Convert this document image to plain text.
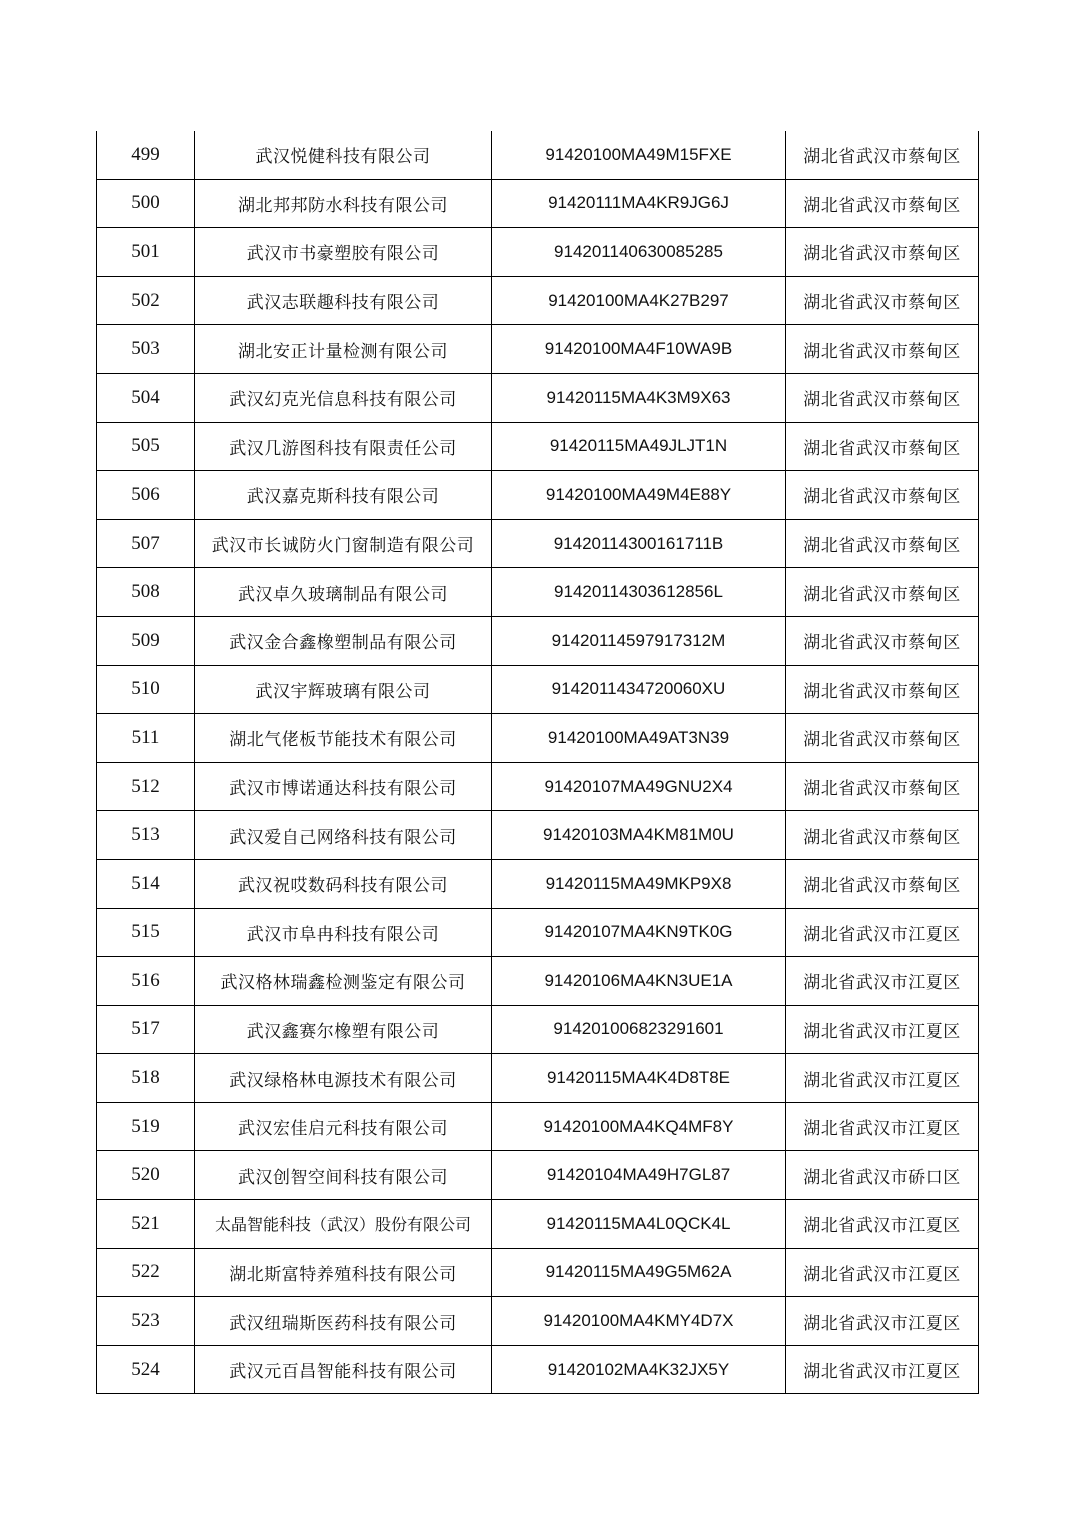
499	武汉悦健科技有限公司	91420100MA49M15FXE	湖北省武汉市蔡甸区
500	湖北邦邦防水科技有限公司	91420111MA4KR9JG6J	湖北省武汉市蔡甸区
501	武汉市书豪塑胶有限公司	914201140630085285	湖北省武汉市蔡甸区
502	武汉志联趣科技有限公司	91420100MA4K27B297	湖北省武汉市蔡甸区
503	湖北安正计量检测有限公司	91420100MA4F10WA9B	湖北省武汉市蔡甸区
504	武汉幻克光信息科技有限公司	91420115MA4K3M9X63	湖北省武汉市蔡甸区
505	武汉几游图科技有限责任公司	91420115MA49JLJT1N	湖北省武汉市蔡甸区
506	武汉嘉克斯科技有限公司	91420100MA49M4E88Y	湖北省武汉市蔡甸区
507	武汉市长诚防火门窗制造有限公司	91420114300161711B	湖北省武汉市蔡甸区
508	武汉卓久玻璃制品有限公司	91420114303612856L	湖北省武汉市蔡甸区
509	武汉金合鑫橡塑制品有限公司	91420114597917312M	湖北省武汉市蔡甸区
510	武汉宇辉玻璃有限公司	9142011434720060XU	湖北省武汉市蔡甸区
511	湖北气佬板节能技术有限公司	91420100MA49AT3N39	湖北省武汉市蔡甸区
512	武汉市博诺通达科技有限公司	91420107MA49GNU2X4	湖北省武汉市蔡甸区
513	武汉爱自己网络科技有限公司	91420103MA4KM81M0U	湖北省武汉市蔡甸区
514	武汉祝哎数码科技有限公司	91420115MA49MKP9X8	湖北省武汉市蔡甸区
515	武汉市阜冉科技有限公司	91420107MA4KN9TK0G	湖北省武汉市江夏区
516	武汉格林瑞鑫检测鉴定有限公司	91420106MA4KN3UE1A	湖北省武汉市江夏区
517	武汉鑫赛尔橡塑有限公司	914201006823291601	湖北省武汉市江夏区
518	武汉绿格林电源技术有限公司	91420115MA4K4D8T8E	湖北省武汉市江夏区
519	武汉宏佳启元科技有限公司	91420100MA4KQ4MF8Y	湖北省武汉市江夏区
520	武汉创智空间科技有限公司	91420104MA49H7GL87	湖北省武汉市硚口区
521	太晶智能科技（武汉）股份有限公司	91420115MA4L0QCK4L	湖北省武汉市江夏区
522	湖北斯富特养殖科技有限公司	91420115MA49G5M62A	湖北省武汉市江夏区
523	武汉纽瑞斯医药科技有限公司	91420100MA4KMY4D7X	湖北省武汉市江夏区
524	武汉元百昌智能科技有限公司	91420102MA4K32JX5Y	湖北省武汉市江夏区
